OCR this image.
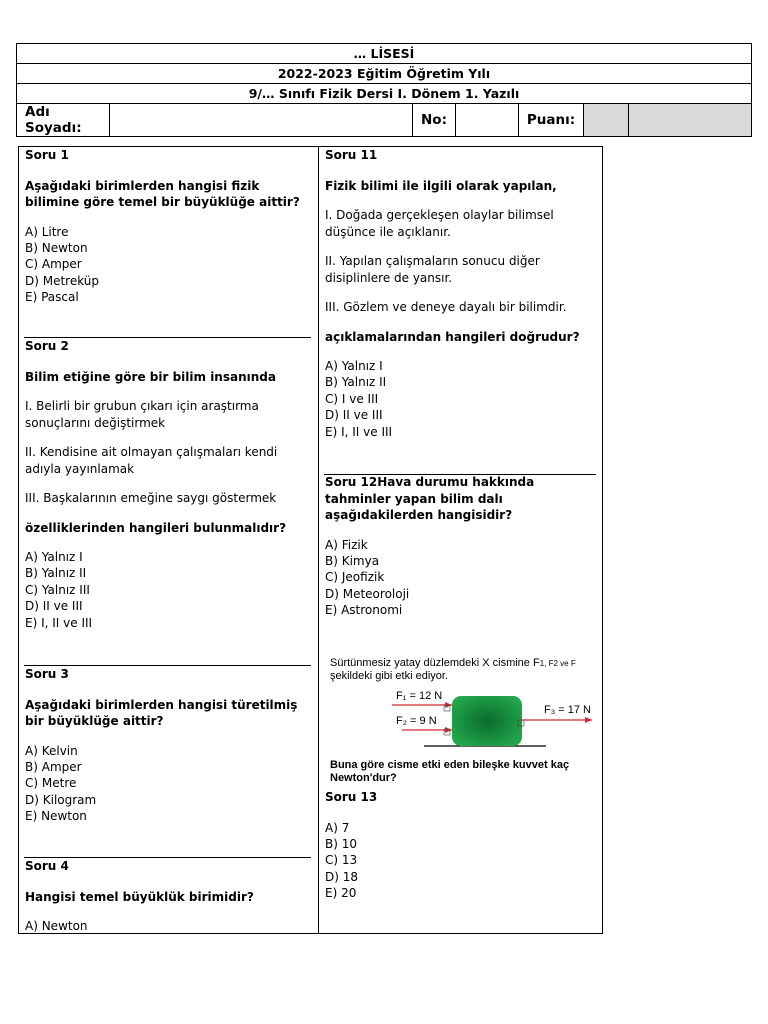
… LİSESİ
2022-2023 Eğitim Öğretim Yılı
9/… Sınıfı Fizik Dersi I. Dönem 1. Yazılı
Adı Soyadı:		No:		Puanı:		

Soru 1

Aşağıdaki birimlerden hangisi fizik bilimine göre temel bir büyüklüğe aittir?

A) Litre
B) Newton
C) Amper
D) Metreküp
E) Pascal

Soru 2

Bilim etiğine göre bir bilim insanında

I. Belirli bir grubun çıkarı için araştırma sonuçlarını değiştirmek

II. Kendisine ait olmayan çalışmaları kendi adıyla yayınlamak

III. Başkalarının emeğine saygı göstermek

özelliklerinden hangileri bulunmalıdır?

A) Yalnız I
B) Yalnız II
C) Yalnız III
D) II ve III
E) I, II ve III

Soru 3

Aşağıdaki birimlerden hangisi türetilmiş bir büyüklüğe aittir?

A) Kelvin
B) Amper
C) Metre
D) Kilogram
E) Newton

Soru 4

Hangisi temel büyüklük birimidir?

A) Newton

Soru 11

Fizik bilimi ile ilgili olarak yapılan,

I. Doğada gerçekleşen olaylar bilimsel düşünce ile açıklanır.

II. Yapılan çalışmaların sonucu diğer disiplinlere de yansır.

III. Gözlem ve deneye dayalı bir bilimdir.

açıklamalarından hangileri doğrudur?

A) Yalnız I
B) Yalnız II
C) I ve III
D) II ve III
E) I, II ve III

Soru 12Hava durumu hakkında tahminler yapan bilim dalı aşağıdakilerden hangisidir?

A) Fizik
B) Kimya
C) Jeofizik
D) Meteoroloji
E) Astronomi
Sürtünmesiz yatay düzlemdeki X cismine F1, F2 ve F
şekildeki gibi etki ediyor.
F₁ = 12 N
F₂ = 9 N
F₃ = 17 N
Buna göre cisme etki eden bileşke kuvvet kaç Newton'dur?

Soru 13

A) 7
B) 10
C) 13
D) 18
E) 20
